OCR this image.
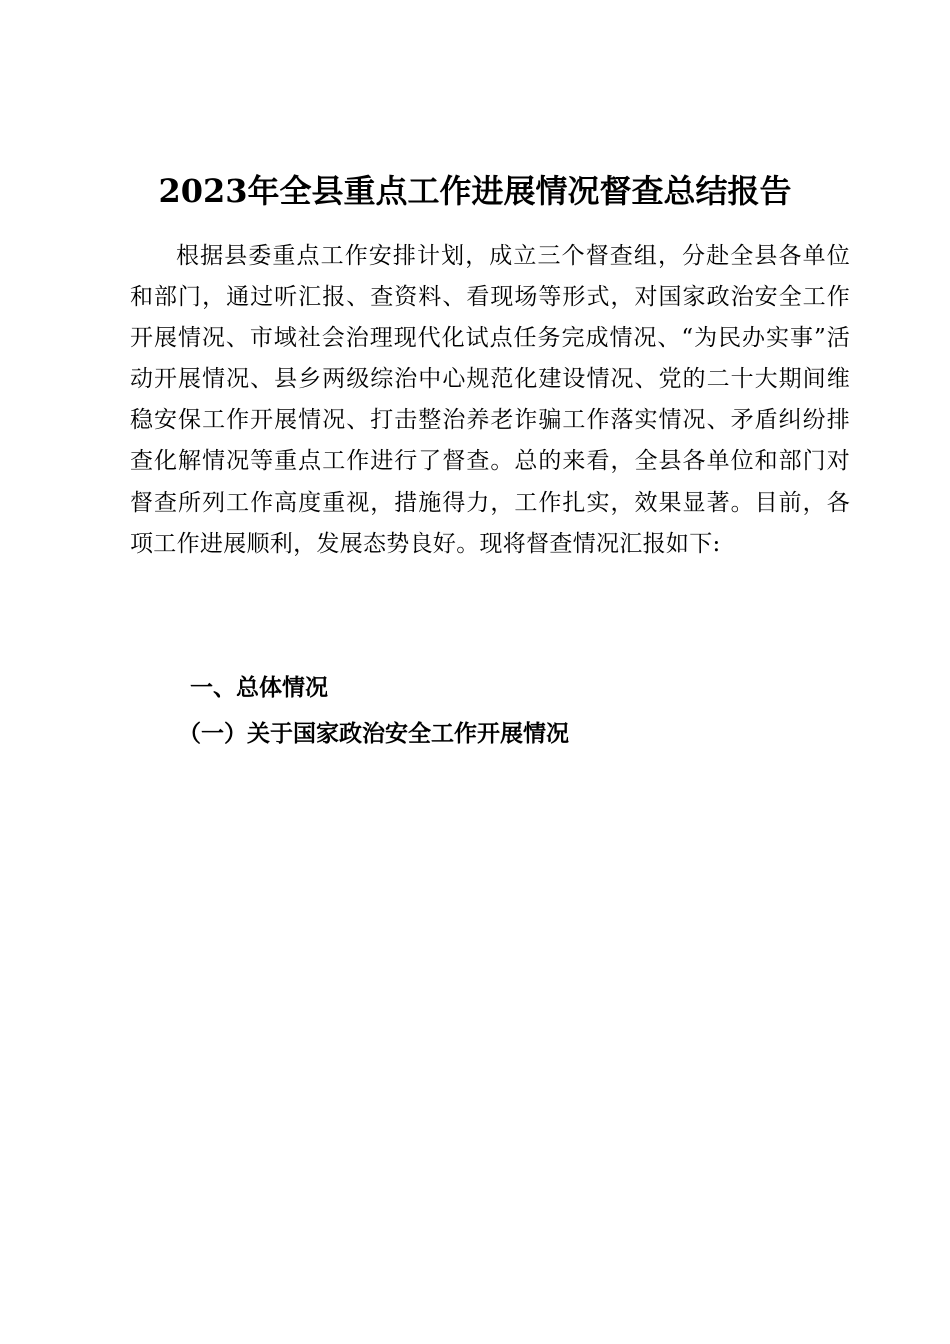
2023年全县重点工作进展情况督查总结报告

根据县委重点工作安排计划，成立三个督查组，分赴全县各单位和部门，通过听汇报、查资料、看现场等形式，对国家政治安全工作开展情况、市域社会治理现代化试点任务完成情况、“为民办实事”活动开展情况、县乡两级综治中心规范化建设情况、党的二十大期间维稳安保工作开展情况、打击整治养老诈骗工作落实情况、矛盾纠纷排查化解情况等重点工作进行了督查。总的来看，全县各单位和部门对督查所列工作高度重视，措施得力，工作扎实，效果显著。目前，各项工作进展顺利，发展态势良好。现将督查情况汇报如下:

一、总体情况
（一）关于国家政治安全工作开展情况
